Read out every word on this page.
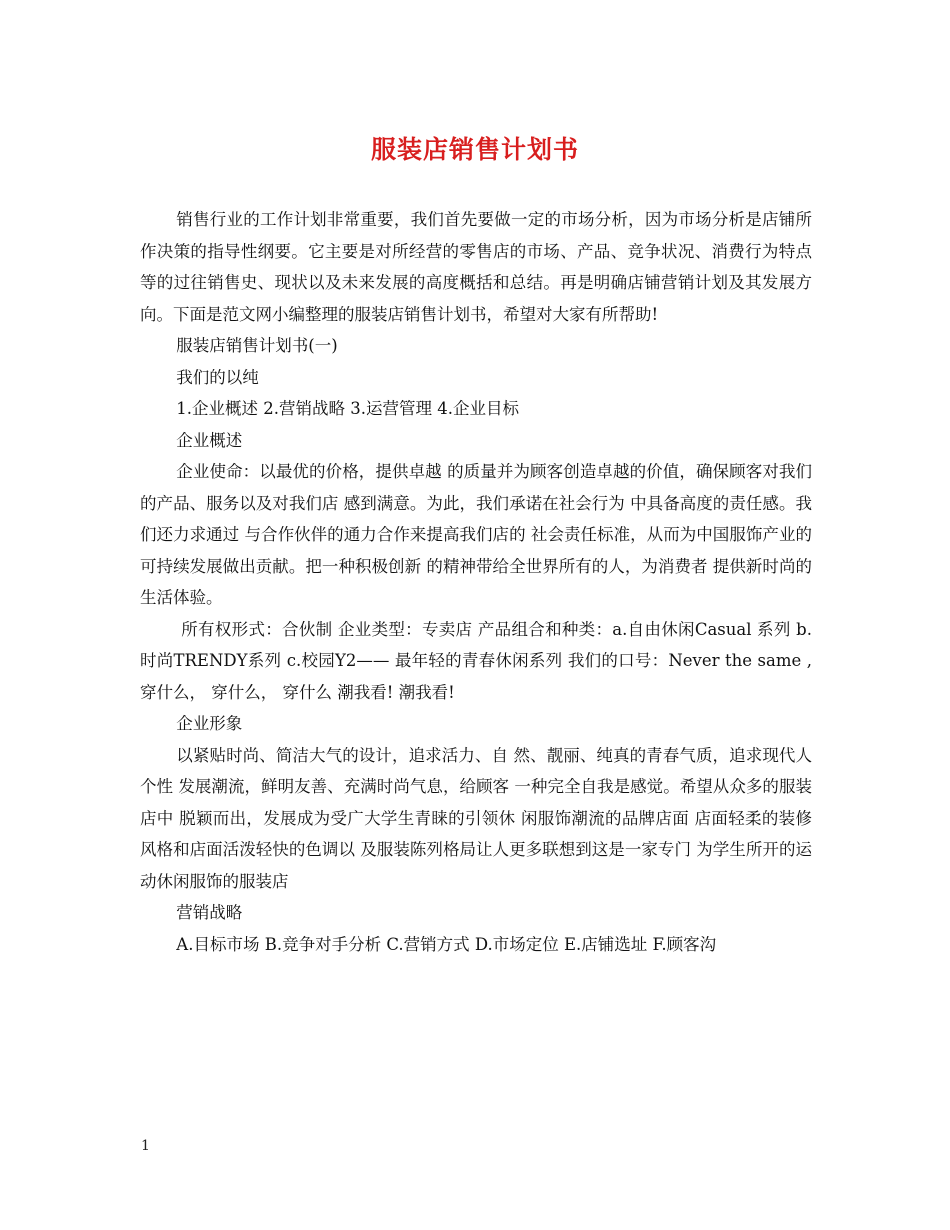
服装店销售计划书

销售行业的工作计划非常重要，我们首先要做一定的市场分析，因为市场分析是店铺所作决策的指导性纲要。它主要是对所经营的零售店的市场、产品、竞争状况、消费行为特点等的过往销售史、现状以及未来发展的高度概括和总结。再是明确店铺营销计划及其发展方向。下面是范文网小编整理的服装店销售计划书，希望对大家有所帮助!

服装店销售计划书(一)

我们的以纯

1.企业概述 2.营销战略 3.运营管理 4.企业目标

企业概述

企业使命：以最优的价格，提供卓越 的质量并为顾客创造卓越的价值，确保顾客对我们的产品、服务以及对我们店 感到满意。为此，我们承诺在社会行为 中具备高度的责任感。我们还力求通过 与合作伙伴的通力合作来提高我们店的 社会责任标准，从而为中国服饰产业的 可持续发展做出贡献。把一种积极创新 的精神带给全世界所有的人，为消费者 提供新时尚的生活体验。

所有权形式：合伙制 企业类型：专卖店 产品组合和种类：a.自由休闲Casual 系列 b.时尚TRENDY系列 c.校园Y2—— 最年轻的青春休闲系列 我们的口号：Never the same ,穿什么， 穿什么， 穿什么 潮我看! 潮我看!

企业形象

以紧贴时尚、简洁大气的设计，追求活力、自 然、靓丽、纯真的青春气质，追求现代人个性 发展潮流，鲜明友善、充满时尚气息，给顾客 一种完全自我是感觉。希望从众多的服装店中 脱颖而出，发展成为受广大学生青睐的引领休 闲服饰潮流的品牌店面 店面轻柔的装修风格和店面活泼轻快的色调以 及服装陈列格局让人更多联想到这是一家专门 为学生所开的运动休闲服饰的服装店

营销战略

A.目标市场 B.竞争对手分析 C.营销方式 D.市场定位 E.店铺选址 F.顾客沟

1
